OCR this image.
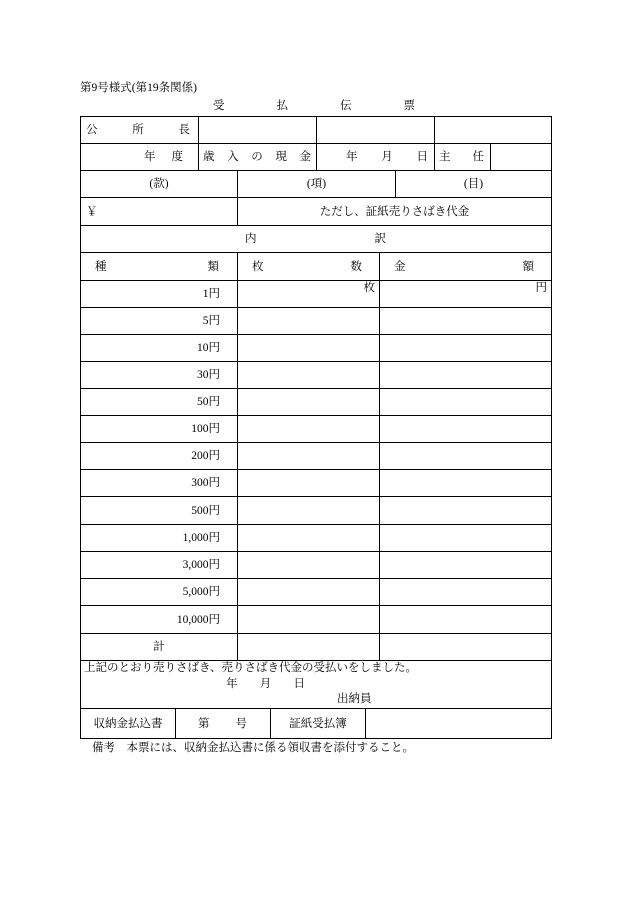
第9号様式(第19条関係)
受　払　伝　票
公　所　長
年　度 歳 入 の 現 金	年　月　日 主　任
(款)	(項)	(目)
￥	ただし、証紙売りさばき代金
内　訳
種　類	枚　数	金　額
1円	枚	円
5円
10円
30円
50円
100円
200円
300円
500円
1,000円
3,000円
5,000円
10,000円
計
上記のとおり売りさばき、売りさばき代金の受払いをしました。
年　月　日
出納員
収納金払込書	第　号	証紙受払簿
備考　本票には、収納金払込書に係る領収書を添付すること。
